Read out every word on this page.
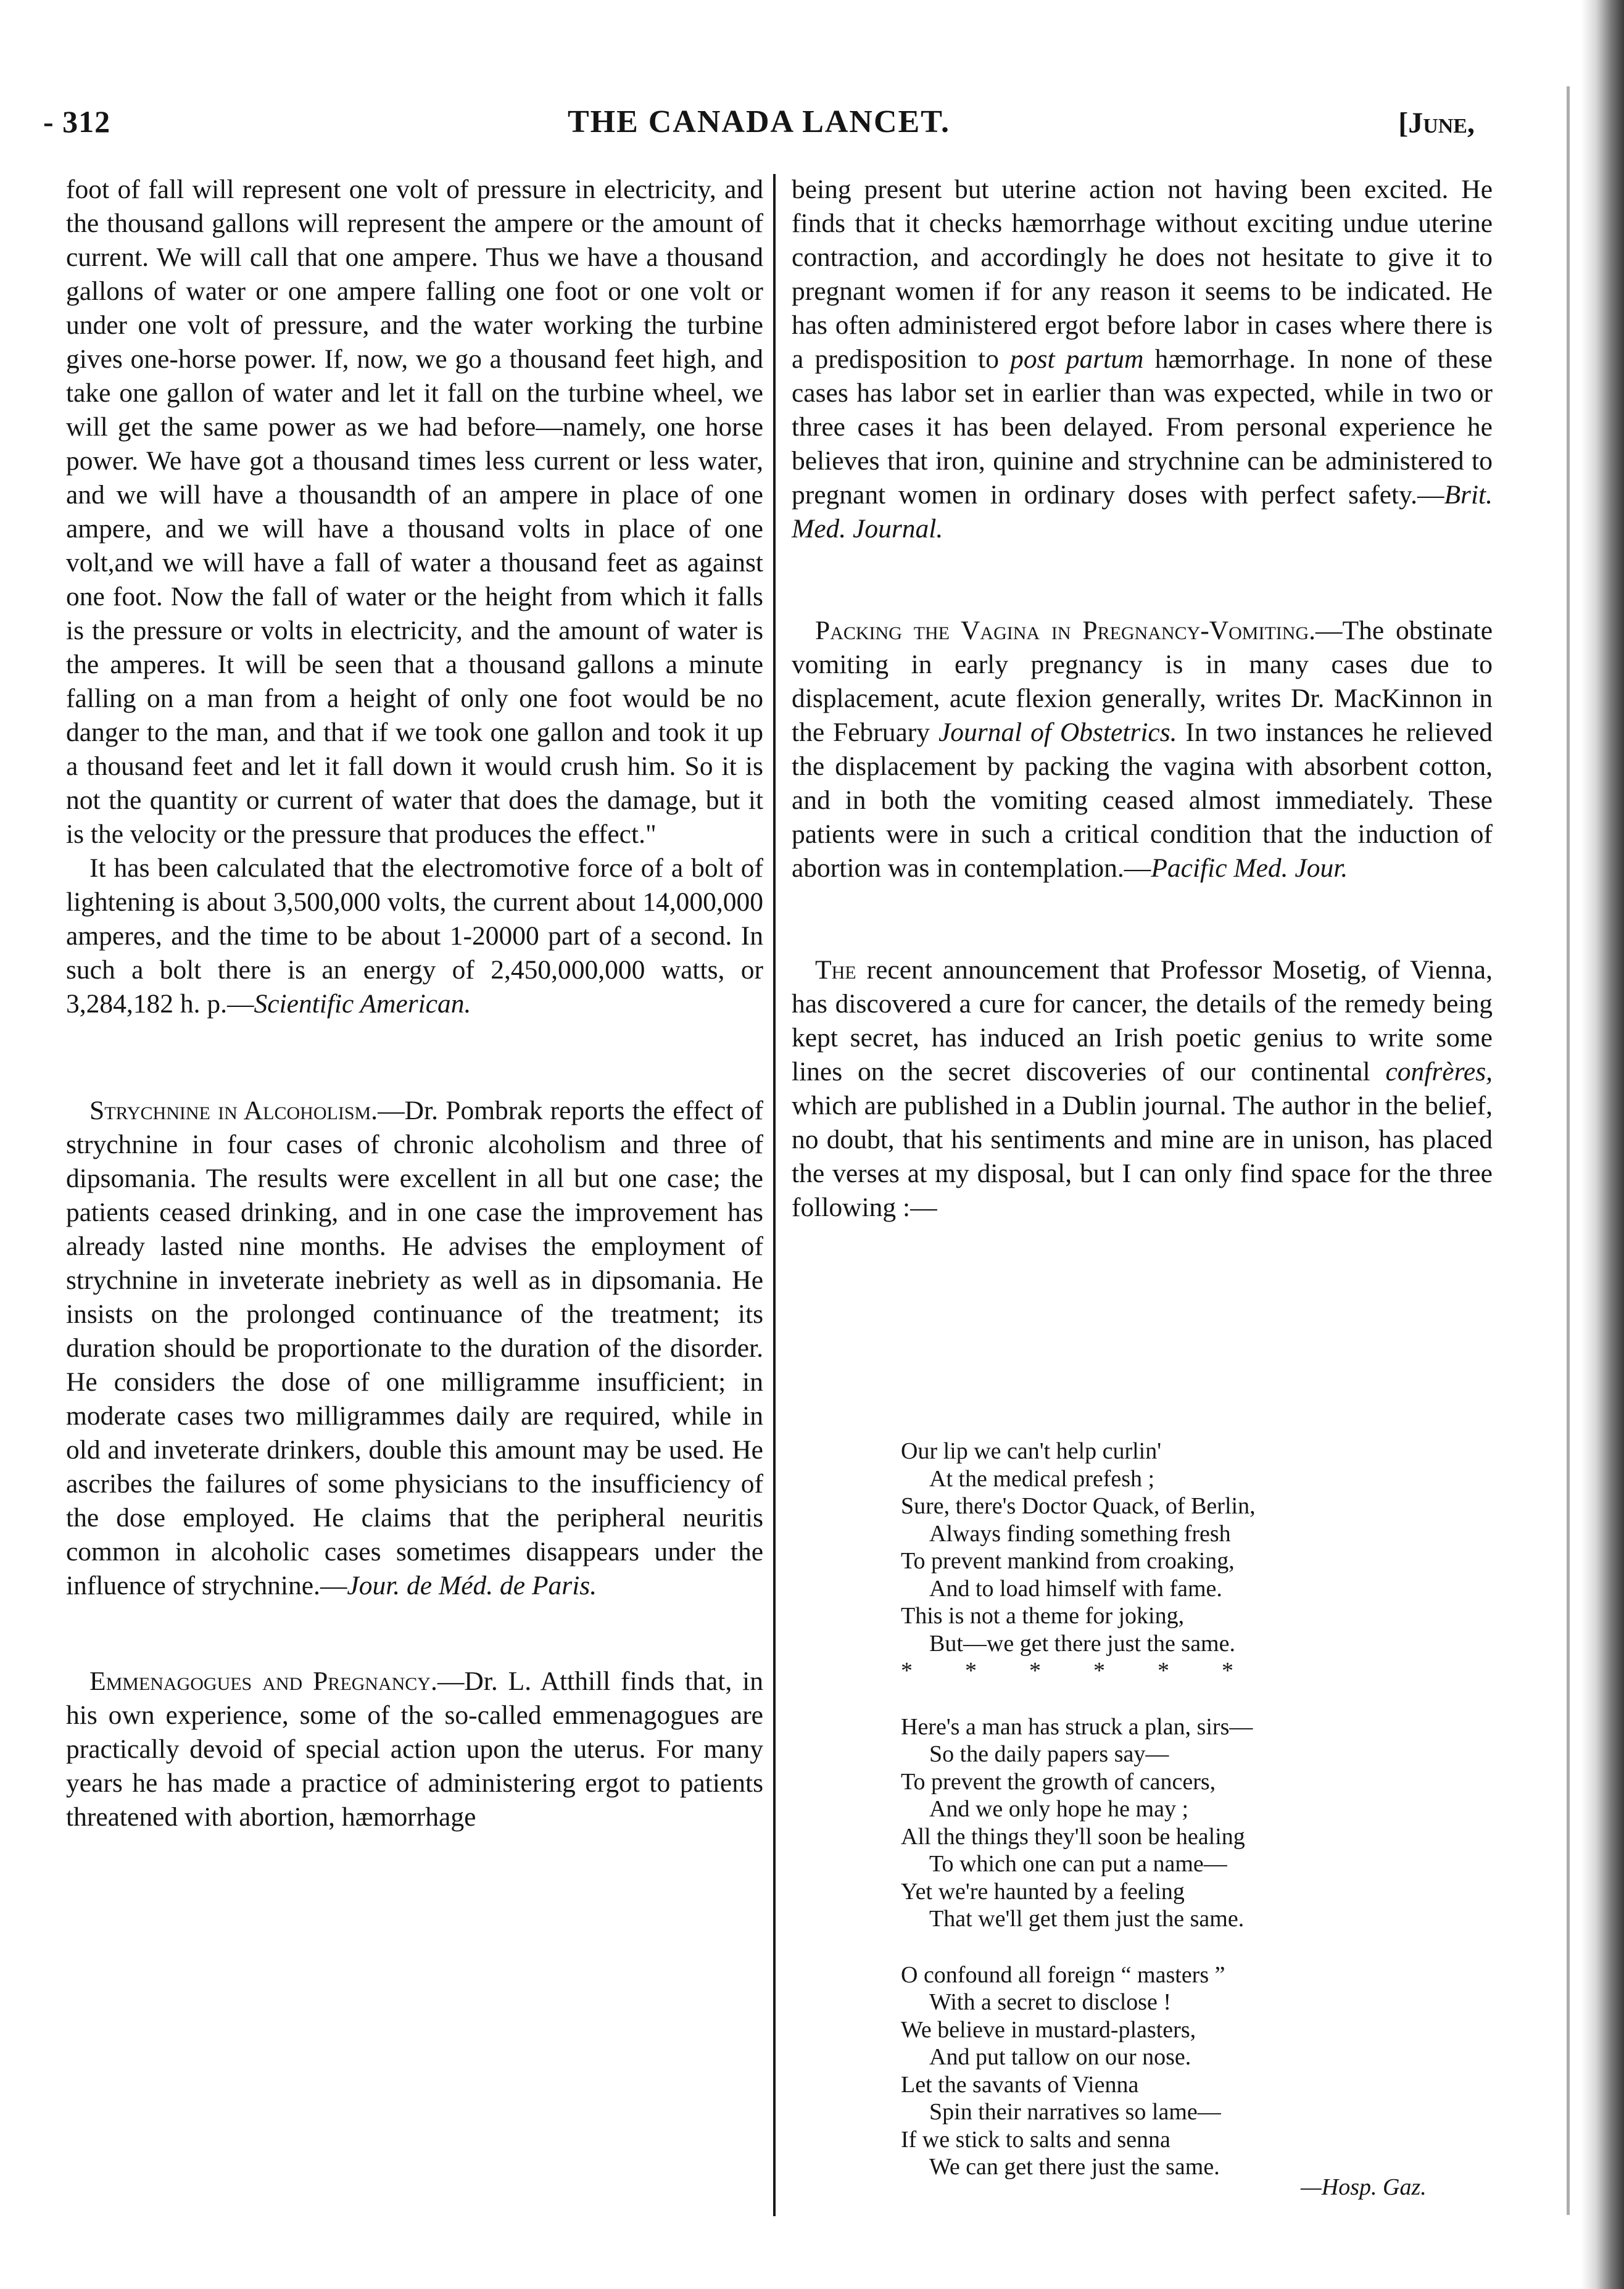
- 312	THE CANADA LANCET.	[June,

foot of fall will represent one volt of pressure in electricity, and the thousand gallons will represent the ampere or the amount of current. We will call that one ampere. Thus we have a thousand gallons of water or one ampere falling one foot or one volt or under one volt of pressure, and the water working the turbine gives one-horse power. If, now, we go a thousand feet high, and take one gallon of water and let it fall on the turbine wheel, we will get the same power as we had before—namely, one horse power. We have got a thousand times less current or less water, and we will have a thousandth of an ampere in place of one ampere, and we will have a thousand volts in place of one volt,and we will have a fall of water a thousand feet as against one foot. Now the fall of water or the height from which it falls is the pressure or volts in electricity, and the amount of water is the amperes. It will be seen that a thousand gallons a minute falling on a man from a height of only one foot would be no danger to the man, and that if we took one gallon and took it up a thousand feet and let it fall down it would crush him. So it is not the quantity or current of water that does the damage, but it is the velocity or the pressure that produces the effect."

It has been calculated that the electromotive force of a bolt of lightening is about 3,500,000 volts, the current about 14,000,000 amperes, and the time to be about 1-20000 part of a second. In such a bolt there is an energy of 2,450,000,000 watts, or 3,284,182 h. p.—Scientific American.

Strychnine in Alcoholism.—Dr. Pombrak reports the effect of strychnine in four cases of chronic alcoholism and three of dipsomania. The results were excellent in all but one case; the patients ceased drinking, and in one case the improvement has already lasted nine months. He advises the employment of strychnine in inveterate inebriety as well as in dipsomania. He insists on the prolonged continuance of the treatment; its duration should be proportionate to the duration of the disorder. He considers the dose of one milligramme insufficient; in moderate cases two milligrammes daily are required, while in old and inveterate drinkers, double this amount may be used. He ascribes the failures of some physicians to the insufficiency of the dose employed. He claims that the peripheral neuritis common in alcoholic cases sometimes disappears under the influence of strychnine.—Jour. de Méd. de Paris.

Emmenagogues and Pregnancy.—Dr. L. Atthill finds that, in his own experience, some of the so-called emmenagogues are practically devoid of special action upon the uterus. For many years he has made a practice of administering ergot to patients threatened with abortion, hæmorrhage

being present but uterine action not having been excited. He finds that it checks hæmorrhage without exciting undue uterine contraction, and accordingly he does not hesitate to give it to pregnant women if for any reason it seems to be indicated. He has often administered ergot before labor in cases where there is a predisposition to post partum hæmorrhage. In none of these cases has labor set in earlier than was expected, while in two or three cases it has been delayed. From personal experience he believes that iron, quinine and strychnine can be administered to pregnant women in ordinary doses with perfect safety.—Brit. Med. Journal.

Packing the Vagina in Pregnancy-Vomiting.—The obstinate vomiting in early pregnancy is in many cases due to displacement, acute flexion generally, writes Dr. MacKinnon in the February Journal of Obstetrics. In two instances he relieved the displacement by packing the vagina with absorbent cotton, and in both the vomiting ceased almost immediately. These patients were in such a critical condition that the induction of abortion was in contemplation.—Pacific Med. Jour.

The recent announcement that Professor Mosetig, of Vienna, has discovered a cure for cancer, the details of the remedy being kept secret, has induced an Irish poetic genius to write some lines on the secret discoveries of our continental confrères, which are published in a Dublin journal. The author in the belief, no doubt, that his sentiments and mine are in unison, has placed the verses at my disposal, but I can only find space for the three following :—

Our lip we can't help curlin'
At the medical prefesh ;
Sure, there's Doctor Quack, of Berlin,
Always finding something fresh
To prevent mankind from croaking,
And to load himself with fame.
This is not a theme for joking,
But—we get there just the same.
*      *      *      *      *      *
Here's a man has struck a plan, sirs—
So the daily papers say—
To prevent the growth of cancers,
And we only hope he may ;
All the things they'll soon be healing
To which one can put a name—
Yet we're haunted by a feeling
That we'll get them just the same.
O confound all foreign “ masters ”
With a secret to disclose !
We believe in mustard-plasters,
And put tallow on our nose.
Let the savants of Vienna
Spin their narratives so lame—
If we stick to salts and senna
We can get there just the same.
—Hosp. Gaz.
